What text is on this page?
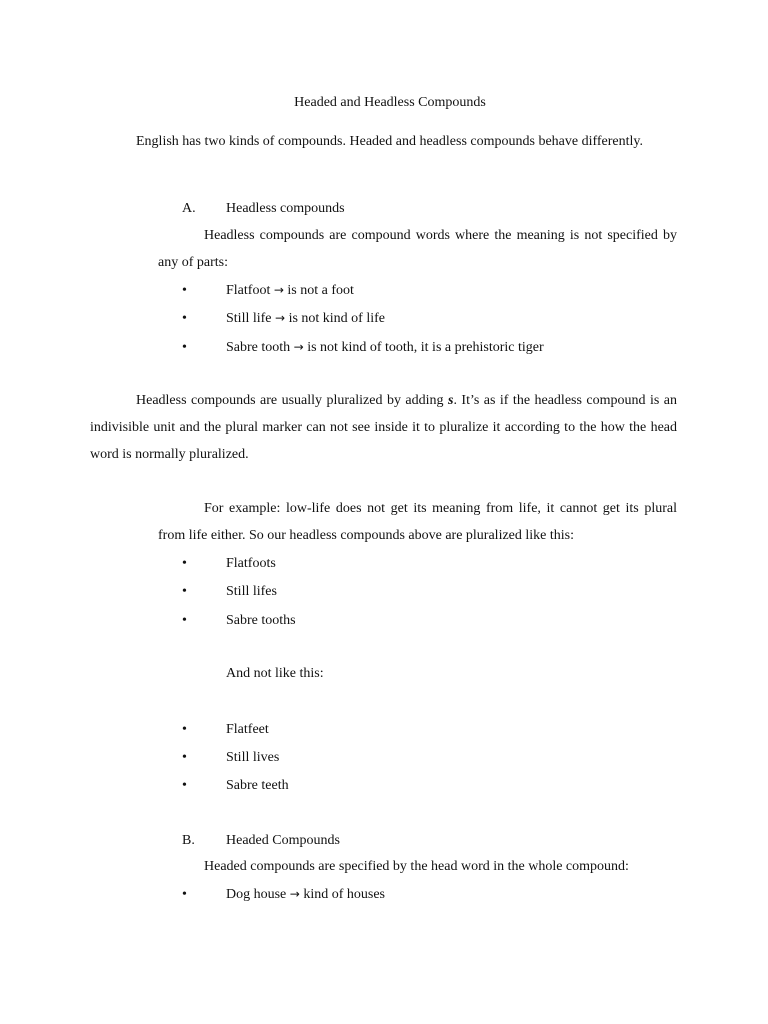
Headed and Headless Compounds
English has two kinds of compounds. Headed and headless compounds behave differently.
A. Headless compounds
Headless compounds are compound words where the meaning is not specified by any of parts:
•	Flatfoot → is not a foot
•	Still life → is not kind of life
•	Sabre tooth → is not kind of tooth, it is a prehistoric tiger
Headless compounds are usually pluralized by adding s. It’s as if the headless compound is an indivisible unit and the plural marker can not see inside it to pluralize it according to the how the head word is normally pluralized.
For example: low-life does not get its meaning from life, it cannot get its plural from life either. So our headless compounds above are pluralized like this:
•	Flatfoots
•	Still lifes
•	Sabre tooths
And not like this:
•	Flatfeet
•	Still lives
•	Sabre teeth
B. Headed Compounds
Headed compounds are specified by the head word in the whole compound:
•	Dog house → kind of houses
